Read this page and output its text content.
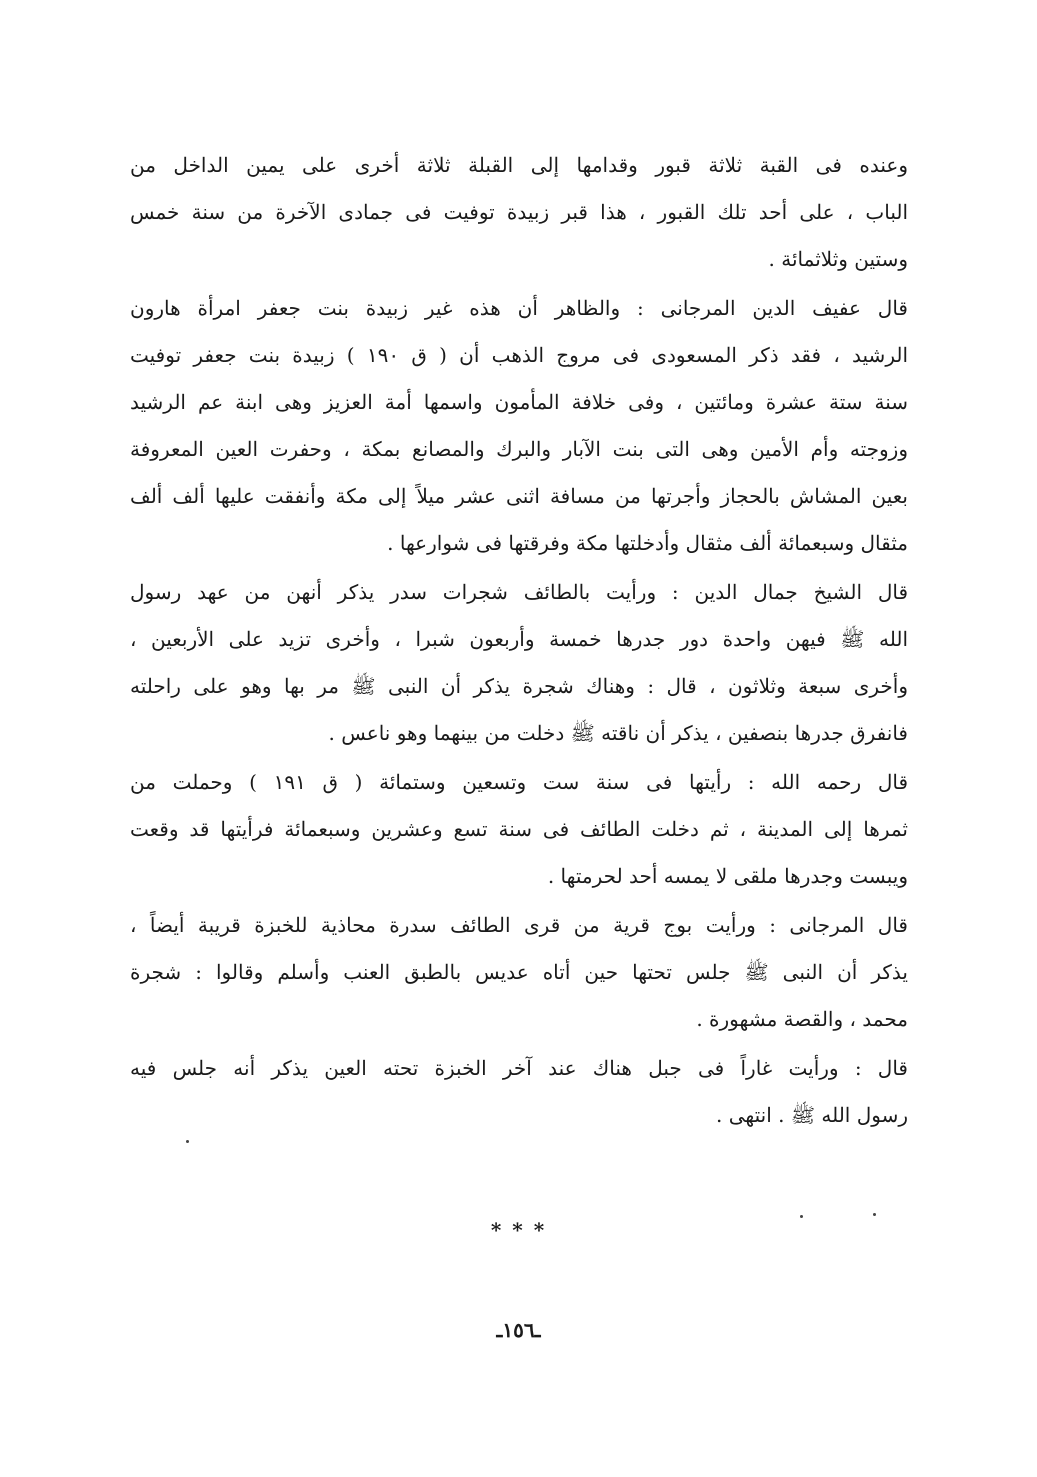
وعنده فى القبة ثلاثة قبور وقدامها إلى القبلة ثلاثة أخرى على يمين الداخل من
الباب ، على أحد تلك القبور ، هذا قبر زبيدة توفيت فى جمادى الآخرة من سنة خمس
وستين وثلاثمائة .
قال عفيف الدين المرجانى : والظاهر أن هذه غير زبيدة بنت جعفر امرأة هارون
الرشيد ، فقد ذكر المسعودى فى مروج الذهب أن ( ق ١٩٠ ) زبيدة بنت جعفر توفيت
سنة ستة عشرة ومائتين ، وفى خلافة المأمون واسمها أمة العزيز وهى ابنة عم الرشيد
وزوجته وأم الأمين وهى التى بنت الآبار والبرك والمصانع بمكة ، وحفرت العين المعروفة
بعين المشاش بالحجاز وأجرتها من مسافة اثنى عشر ميلاً إلى مكة وأنفقت عليها ألف ألف
مثقال وسبعمائة ألف مثقال وأدخلتها مكة وفرقتها فى شوارعها .
قال الشيخ جمال الدين : ورأيت بالطائف شجرات سدر يذكر أنهن من عهد رسول
الله ﷺ فيهن واحدة دور جدرها خمسة وأربعون شبرا ، وأخرى تزيد على الأربعين ،
وأخرى سبعة وثلاثون ، قال : وهناك شجرة يذكر أن النبى ﷺ مر بها وهو على راحلته
فانفرق جدرها بنصفين ، يذكر أن ناقته ﷺ دخلت من بينهما وهو ناعس .
قال رحمه الله : رأيتها فى سنة ست وتسعين وستمائة ( ق ١٩١ ) وحملت من
ثمرها إلى المدينة ، ثم دخلت الطائف فى سنة تسع وعشرين وسبعمائة فرأيتها قد وقعت
ويبست وجدرها ملقى لا يمسه أحد لحرمتها .
قال المرجانى : ورأيت بوج قرية من قرى الطائف سدرة محاذية للخبزة قريبة أيضاً ،
يذكر أن النبى ﷺ جلس تحتها حين أتاه عديس بالطبق العنب وأسلم وقالوا : شجرة
محمد ، والقصة مشهورة .
قال : ورأيت غاراً فى جبل هناك عند آخر الخبزة تحته العين يذكر أنه جلس فيه
رسول الله ﷺ . انتهى .
* * *
ـ١٥٦ـ
